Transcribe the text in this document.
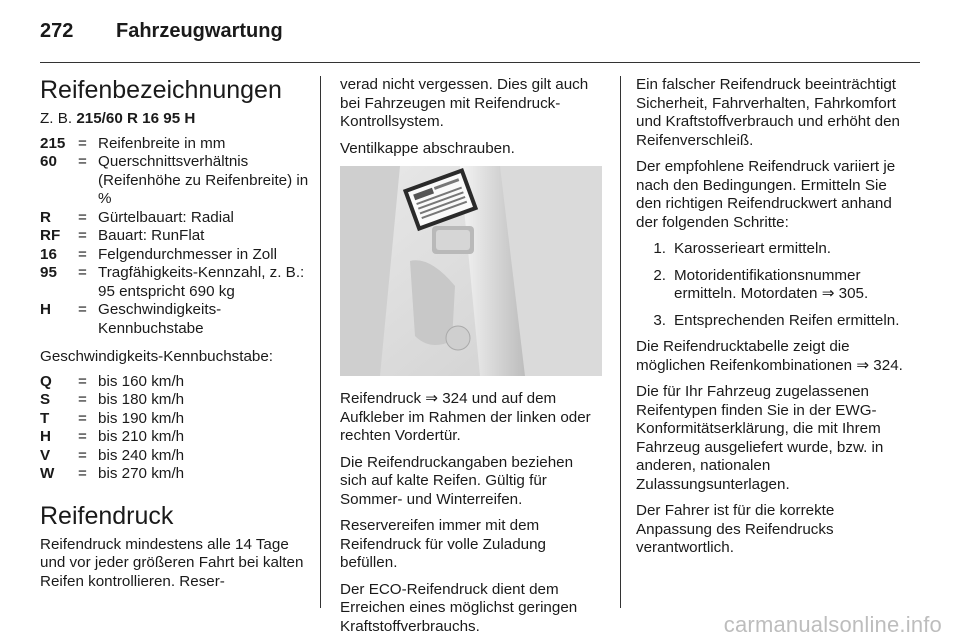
272 Fahrzeugwartung
Reifenbezeichnungen
Z. B. 215/60 R 16 95 H
215 = Reifenbreite in mm
60	= Querschnittsverhältnis (Reifenhöhe zu Reifenbreite) in %
R	= Gürtelbauart: Radial
RF	= Bauart: RunFlat
16	= Felgendurchmesser in Zoll
95	= Tragfähigkeits-Kennzahl, z. B.: 95 entspricht 690 kg
H	= Geschwindigkeits-Kennbuchstabe

Geschwindigkeits-Kennbuchstabe:

Q	= bis 160 km/h
S	= bis 180 km/h
T	= bis 190 km/h
H	= bis 210 km/h
V	= bis 240 km/h
W	= bis 270 km/h
Reifendruck

Reifendruck mindestens alle 14 Tage und vor jeder größeren Fahrt bei kalten Reifen kontrollieren. Reser-

verad nicht vergessen. Dies gilt auch bei Fahrzeugen mit Reifendruck-Kontrollsystem.

Ventilkappe abschrauben.

Reifendruck ⇒ 324 und auf dem Aufkleber im Rahmen der linken oder rechten Vordertür.

Die Reifendruckangaben beziehen sich auf kalte Reifen. Gültig für Sommer- und Winterreifen.

Reservereifen immer mit dem Reifendruck für volle Zuladung befüllen.

Der ECO-Reifendruck dient dem Erreichen eines möglichst geringen Kraftstoffverbrauchs.

Ein falscher Reifendruck beeinträchtigt Sicherheit, Fahrverhalten, Fahrkomfort und Kraftstoffverbrauch und erhöht den Reifenverschleiß.

Der empfohlene Reifendruck variiert je nach den Bedingungen. Ermitteln Sie den richtigen Reifendruckwert anhand der folgenden Schritte:

1. Karosserieart ermitteln.
2. Motoridentifikationsnummer ermitteln. Motordaten ⇒ 305.
3. Entsprechenden Reifen ermitteln.

Die Reifendrucktabelle zeigt die möglichen Reifenkombinationen ⇒ 324.

Die für Ihr Fahrzeug zugelassenen Reifentypen finden Sie in der EWG-Konformitätserklärung, die mit Ihrem Fahrzeug ausgeliefert wurde, bzw. in anderen, nationalen Zulassungsunterlagen.

Der Fahrer ist für die korrekte Anpassung des Reifendrucks verantwortlich.

carmanualsonline.info
